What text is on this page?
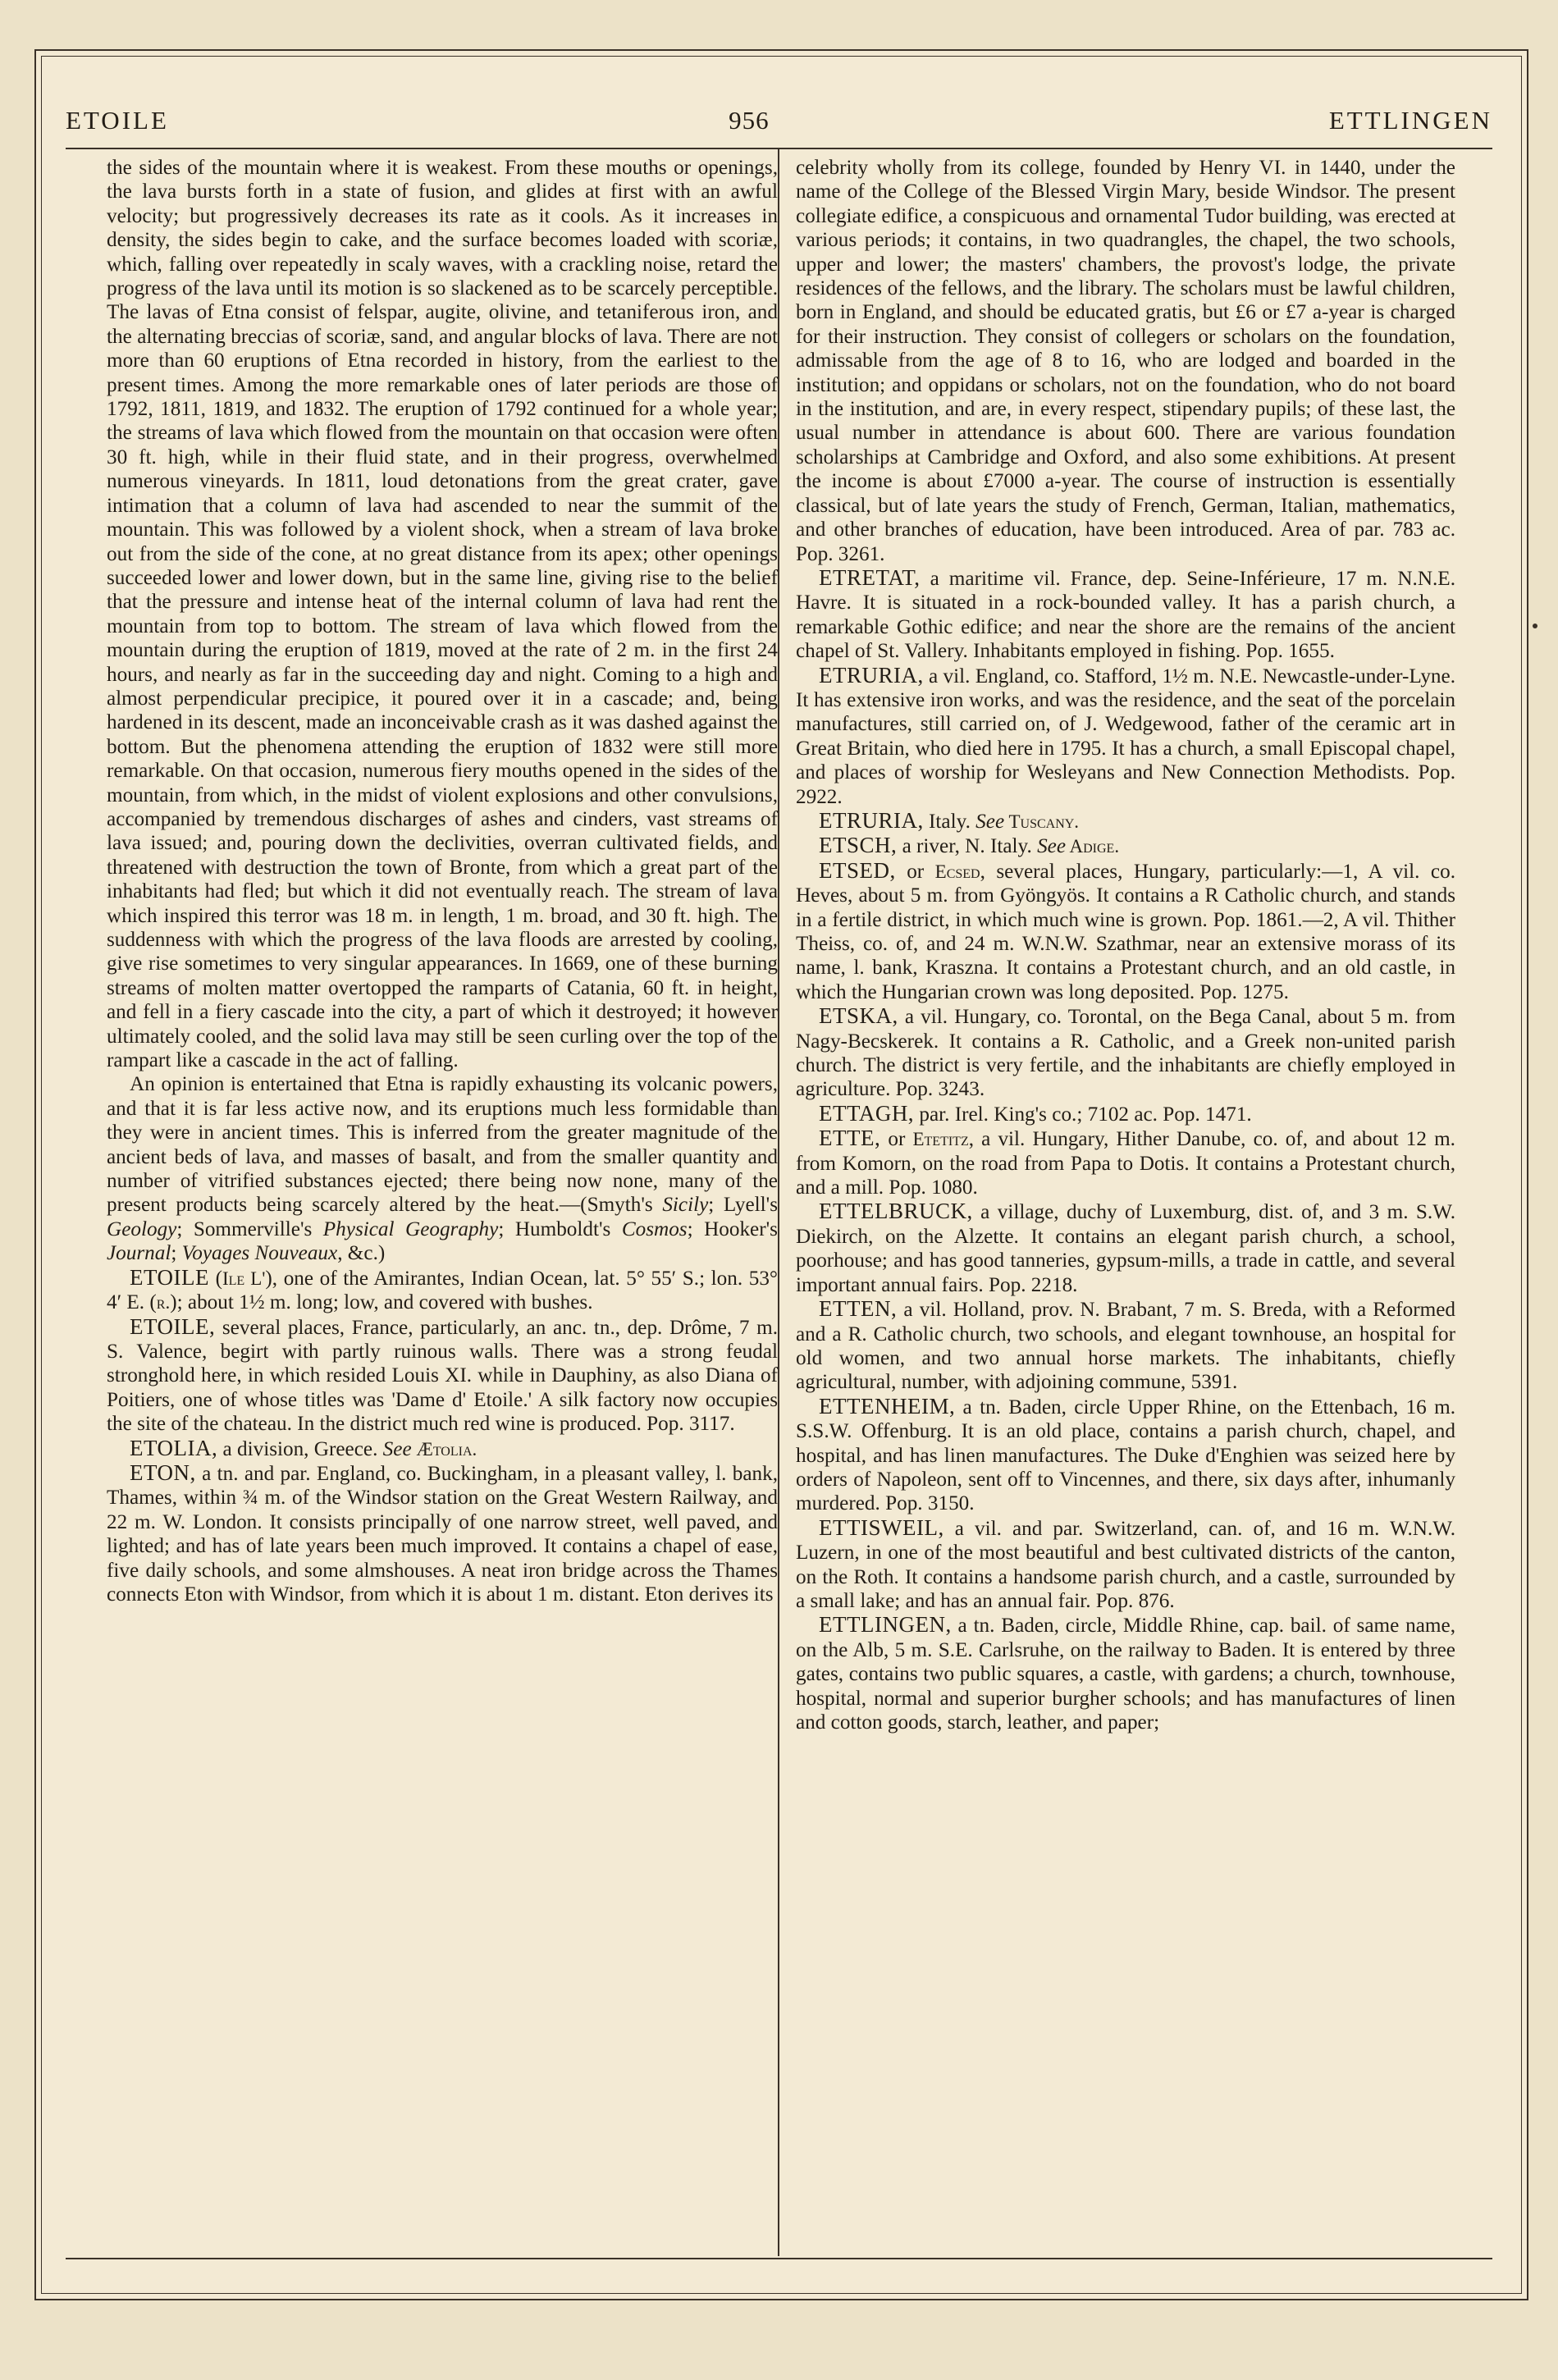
ETOILE	956	ETTLINGEN

the sides of the mountain where it is weakest. From these mouths or openings, the lava bursts forth in a state of fusion, and glides at first with an awful velocity; but progressively decreases its rate as it cools. As it increases in density, the sides begin to cake, and the surface becomes loaded with scoriæ, which, falling over repeatedly in scaly waves, with a crackling noise, retard the progress of the lava until its motion is so slackened as to be scarcely perceptible. The lavas of Etna consist of felspar, augite, olivine, and tetaniferous iron, and the alternating breccias of scoriæ, sand, and angular blocks of lava. There are not more than 60 eruptions of Etna recorded in history, from the earliest to the present times. Among the more remarkable ones of later periods are those of 1792, 1811, 1819, and 1832. The eruption of 1792 continued for a whole year; the streams of lava which flowed from the mountain on that occasion were often 30 ft. high, while in their fluid state, and in their progress, overwhelmed numerous vineyards. In 1811, loud detonations from the great crater, gave intimation that a column of lava had ascended to near the summit of the mountain. This was followed by a violent shock, when a stream of lava broke out from the side of the cone, at no great distance from its apex; other openings succeeded lower and lower down, but in the same line, giving rise to the belief that the pressure and intense heat of the internal column of lava had rent the mountain from top to bottom. The stream of lava which flowed from the mountain during the eruption of 1819, moved at the rate of 2 m. in the first 24 hours, and nearly as far in the succeeding day and night. Coming to a high and almost perpendicular precipice, it poured over it in a cascade; and, being hardened in its descent, made an inconceivable crash as it was dashed against the bottom. But the phenomena attending the eruption of 1832 were still more remarkable. On that occasion, numerous fiery mouths opened in the sides of the mountain, from which, in the midst of violent explosions and other convulsions, accompanied by tremendous discharges of ashes and cinders, vast streams of lava issued; and, pouring down the declivities, overran cultivated fields, and threatened with destruction the town of Bronte, from which a great part of the inhabitants had fled; but which it did not eventually reach. The stream of lava which inspired this terror was 18 m. in length, 1 m. broad, and 30 ft. high. The suddenness with which the progress of the lava floods are arrested by cooling, give rise sometimes to very singular appearances. In 1669, one of these burning streams of molten matter overtopped the ramparts of Catania, 60 ft. in height, and fell in a fiery cascade into the city, a part of which it destroyed; it however ultimately cooled, and the solid lava may still be seen curling over the top of the rampart like a cascade in the act of falling.

An opinion is entertained that Etna is rapidly exhausting its volcanic powers, and that it is far less active now, and its eruptions much less formidable than they were in ancient times. This is inferred from the greater magnitude of the ancient beds of lava, and masses of basalt, and from the smaller quantity and number of vitrified substances ejected; there being now none, many of the present products being scarcely altered by the heat.—(Smyth's Sicily; Lyell's Geology; Sommerville's Physical Geography; Humboldt's Cosmos; Hooker's Journal; Voyages Nouveaux, &c.)

ETOILE (Ile L'), one of the Amirantes, Indian Ocean, lat. 5° 55′ S.; lon. 53° 4′ E. (r.); about 1½ m. long; low, and covered with bushes.

ETOILE, several places, France, particularly, an anc. tn., dep. Drôme, 7 m. S. Valence, begirt with partly ruinous walls. There was a strong feudal stronghold here, in which resided Louis XI. while in Dauphiny, as also Diana of Poitiers, one of whose titles was 'Dame d' Etoile.' A silk factory now occupies the site of the chateau. In the district much red wine is produced. Pop. 3117.

ETOLIA, a division, Greece. See Ætolia.

ETON, a tn. and par. England, co. Buckingham, in a pleasant valley, l. bank, Thames, within ¾ m. of the Windsor station on the Great Western Railway, and 22 m. W. London. It consists principally of one narrow street, well paved, and lighted; and has of late years been much improved. It contains a chapel of ease, five daily schools, and some almshouses. A neat iron bridge across the Thames connects Eton with Windsor, from which it is about 1 m. distant. Eton derives its

celebrity wholly from its college, founded by Henry VI. in 1440, under the name of the College of the Blessed Virgin Mary, beside Windsor. The present collegiate edifice, a conspicuous and ornamental Tudor building, was erected at various periods; it contains, in two quadrangles, the chapel, the two schools, upper and lower; the masters' chambers, the provost's lodge, the private residences of the fellows, and the library. The scholars must be lawful children, born in England, and should be educated gratis, but £6 or £7 a-year is charged for their instruction. They consist of collegers or scholars on the foundation, admissable from the age of 8 to 16, who are lodged and boarded in the institution; and oppidans or scholars, not on the foundation, who do not board in the institution, and are, in every respect, stipendary pupils; of these last, the usual number in attendance is about 600. There are various foundation scholarships at Cambridge and Oxford, and also some exhibitions. At present the income is about £7000 a-year. The course of instruction is essentially classical, but of late years the study of French, German, Italian, mathematics, and other branches of education, have been introduced. Area of par. 783 ac. Pop. 3261.

ETRETAT, a maritime vil. France, dep. Seine-Inférieure, 17 m. N.N.E. Havre. It is situated in a rock-bounded valley. It has a parish church, a remarkable Gothic edifice; and near the shore are the remains of the ancient chapel of St. Vallery. Inhabitants employed in fishing. Pop. 1655.

ETRURIA, a vil. England, co. Stafford, 1½ m. N.E. Newcastle-under-Lyne. It has extensive iron works, and was the residence, and the seat of the porcelain manufactures, still carried on, of J. Wedgewood, father of the ceramic art in Great Britain, who died here in 1795. It has a church, a small Episcopal chapel, and places of worship for Wesleyans and New Connection Methodists. Pop. 2922.

ETRURIA, Italy. See Tuscany.

ETSCH, a river, N. Italy. See Adige.

ETSED, or Ecsed, several places, Hungary, particularly:—1, A vil. co. Heves, about 5 m. from Gyöngyös. It contains a R Catholic church, and stands in a fertile district, in which much wine is grown. Pop. 1861.—2, A vil. Thither Theiss, co. of, and 24 m. W.N.W. Szathmar, near an extensive morass of its name, l. bank, Kraszna. It contains a Protestant church, and an old castle, in which the Hungarian crown was long deposited. Pop. 1275.

ETSKA, a vil. Hungary, co. Torontal, on the Bega Canal, about 5 m. from Nagy-Becskerek. It contains a R. Catholic, and a Greek non-united parish church. The district is very fertile, and the inhabitants are chiefly employed in agriculture. Pop. 3243.

ETTAGH, par. Irel. King's co.; 7102 ac. Pop. 1471.

ETTE, or Etetitz, a vil. Hungary, Hither Danube, co. of, and about 12 m. from Komorn, on the road from Papa to Dotis. It contains a Protestant church, and a mill. Pop. 1080.

ETTELBRUCK, a village, duchy of Luxemburg, dist. of, and 3 m. S.W. Diekirch, on the Alzette. It contains an elegant parish church, a school, poorhouse; and has good tanneries, gypsum-mills, a trade in cattle, and several important annual fairs. Pop. 2218.

ETTEN, a vil. Holland, prov. N. Brabant, 7 m. S. Breda, with a Reformed and a R. Catholic church, two schools, and elegant townhouse, an hospital for old women, and two annual horse markets. The inhabitants, chiefly agricultural, number, with adjoining commune, 5391.

ETTENHEIM, a tn. Baden, circle Upper Rhine, on the Ettenbach, 16 m. S.S.W. Offenburg. It is an old place, contains a parish church, chapel, and hospital, and has linen manufactures. The Duke d'Enghien was seized here by orders of Napoleon, sent off to Vincennes, and there, six days after, inhumanly murdered. Pop. 3150.

ETTISWEIL, a vil. and par. Switzerland, can. of, and 16 m. W.N.W. Luzern, in one of the most beautiful and best cultivated districts of the canton, on the Roth. It contains a handsome parish church, and a castle, surrounded by a small lake; and has an annual fair. Pop. 876.

ETTLINGEN, a tn. Baden, circle, Middle Rhine, cap. bail. of same name, on the Alb, 5 m. S.E. Carlsruhe, on the railway to Baden. It is entered by three gates, contains two public squares, a castle, with gardens; a church, townhouse, hospital, normal and superior burgher schools; and has manufactures of linen and cotton goods, starch, leather, and paper;
